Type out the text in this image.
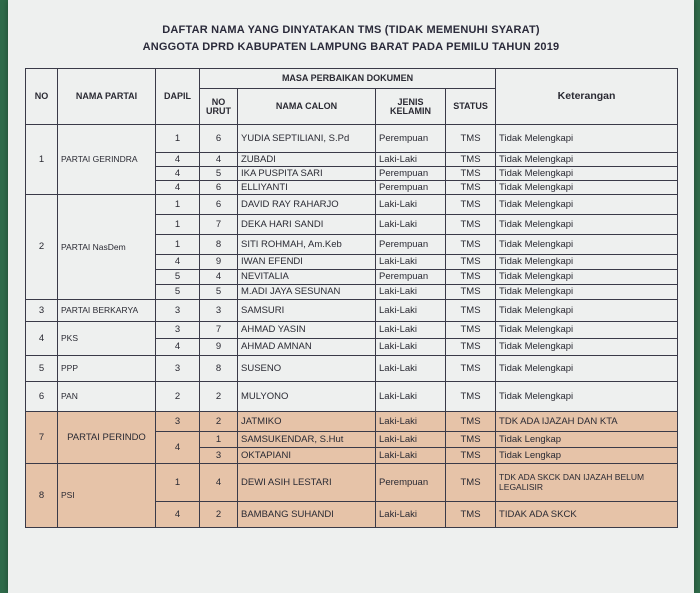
DAFTAR NAMA YANG DINYATAKAN TMS (TIDAK MEMENUHI SYARAT)
ANGGOTA DPRD KABUPATEN LAMPUNG BARAT PADA PEMILU TAHUN 2019
NO	NAMA PARTAI	DAPIL	MASA PERBAIKAN DOKUMEN				Keterangan
			NO URUT	NAMA CALON	JENIS KELAMIN	STATUS	
1	PARTAI GERINDRA	1	6	YUDIA SEPTILIANI, S.Pd	Perempuan	TMS	Tidak Melengkapi
		4	4	ZUBADI	Laki-Laki	TMS	Tidak Melengkapi
		4	5	IKA PUSPITA SARI	Perempuan	TMS	Tidak Melengkapi
		4	6	ELLIYANTI	Perempuan	TMS	Tidak Melengkapi
2	PARTAI NasDem	1	6	DAVID RAY RAHARJO	Laki-Laki	TMS	Tidak Melengkapi
		1	7	DEKA HARI SANDI	Laki-Laki	TMS	Tidak Melengkapi
		1	8	SITI ROHMAH, Am.Keb	Perempuan	TMS	Tidak Melengkapi
		4	9	IWAN EFENDI	Laki-Laki	TMS	Tidak Melengkapi
		5	4	NEVITALIA	Perempuan	TMS	Tidak Melengkapi
		5	5	M.ADI JAYA SESUNAN	Laki-Laki	TMS	Tidak Melengkapi
3	PARTAI BERKARYA	3	3	SAMSURI	Laki-Laki	TMS	Tidak Melengkapi
4	PKS	3	7	AHMAD YASIN	Laki-Laki	TMS	Tidak Melengkapi
		4	9	AHMAD AMNAN	Laki-Laki	TMS	Tidak Melengkapi
5	PPP	3	8	SUSENO	Laki-Laki	TMS	Tidak Melengkapi
6	PAN	2	2	MULYONO	Laki-Laki	TMS	Tidak Melengkapi
7	PARTAI PERINDO	3	2	JATMIKO	Laki-Laki	TMS	TDK ADA IJAZAH DAN KTA
		4	1	SAMSUKENDAR, S.Hut	Laki-Laki	TMS	Tidak Lengkap
			3	OKTAPIANI	Laki-Laki	TMS	Tidak Lengkap
8	PSI	1	4	DEWI ASIH LESTARI	Perempuan	TMS	TDK ADA SKCK DAN IJAZAH BELUM LEGALISIR
		4	2	BAMBANG SUHANDI	Laki-Laki	TMS	TIDAK ADA SKCK
